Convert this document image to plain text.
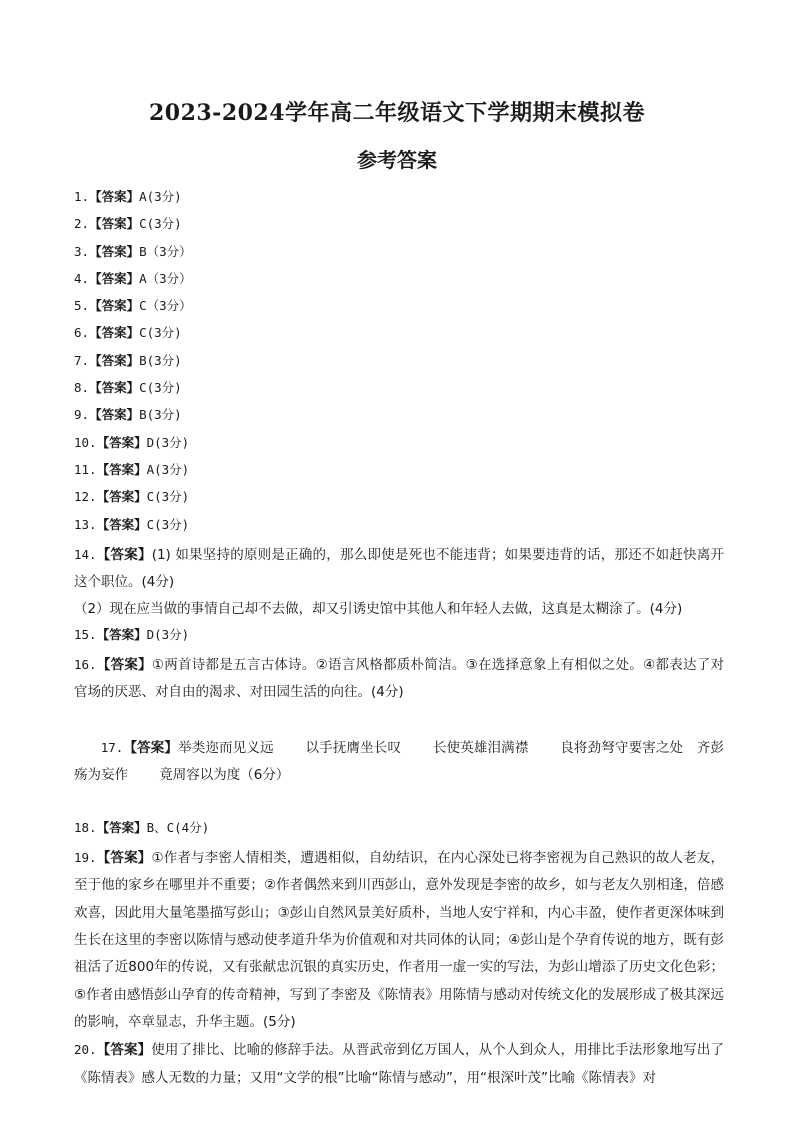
2023-2024学年高二年级语文下学期期末模拟卷
参考答案
1.【答案】A(3分)
2.【答案】C(3分)
3.【答案】B（3分）
4.【答案】A（3分）
5.【答案】C（3分）
6.【答案】C(3分)
7.【答案】B(3分)
8.【答案】C(3分)
9.【答案】B(3分)
10.【答案】D(3分)
11.【答案】A(3分)
12.【答案】C(3分)
13.【答案】C(3分)
14.【答案】(1) 如果坚持的原则是正确的，那么即使是死也不能违背；如果要违背的话，那还不如赶快离开这个职位。(4分)
（2）现在应当做的事情自己却不去做，却又引诱史馆中其他人和年轻人去做，这真是太糊涂了。(4分)
15.【答案】D(3分)
16.【答案】①两首诗都是五言古体诗。②语言风格都质朴简洁。③在选择意象上有相似之处。④都表达了对官场的厌恶、对自由的渴求、对田园生活的向往。(4分)

17.【答案】举类迩而见义远　　 以手抚膺坐长叹　　 长使英雄泪满襟　　 良将劲弩守要害之处　齐彭殇为妄作　　 竟周容以为度（6分）

18.【答案】B、C(4分)
19.【答案】①作者与李密人情相类，遭遇相似，自幼结识，在内心深处已将李密视为自己熟识的故人老友，至于他的家乡在哪里并不重要；②作者偶然来到川西彭山，意外发现是李密的故乡，如与老友久别相逢，倍感欢喜，因此用大量笔墨描写彭山；③彭山自然风景美好质朴，当地人安宁祥和，内心丰盈，使作者更深体味到生长在这里的李密以陈情与感动使孝道升华为价值观和对共同体的认同；④彭山是个孕育传说的地方，既有彭祖活了近800年的传说，又有张献忠沉银的真实历史，作者用一虚一实的写法，为彭山增添了历史文化色彩；⑤作者由感悟彭山孕育的传奇精神，写到了李密及《陈情表》用陈情与感动对传统文化的发展形成了极其深远的影响，卒章显志，升华主题。(5分)
20.【答案】使用了排比、比喻的修辞手法。从晋武帝到亿万国人，从个人到众人，用排比手法形象地写出了《陈情表》感人无数的力量；又用“文学的根”比喻“陈情与感动”，用“根深叶茂”比喻《陈情表》对
